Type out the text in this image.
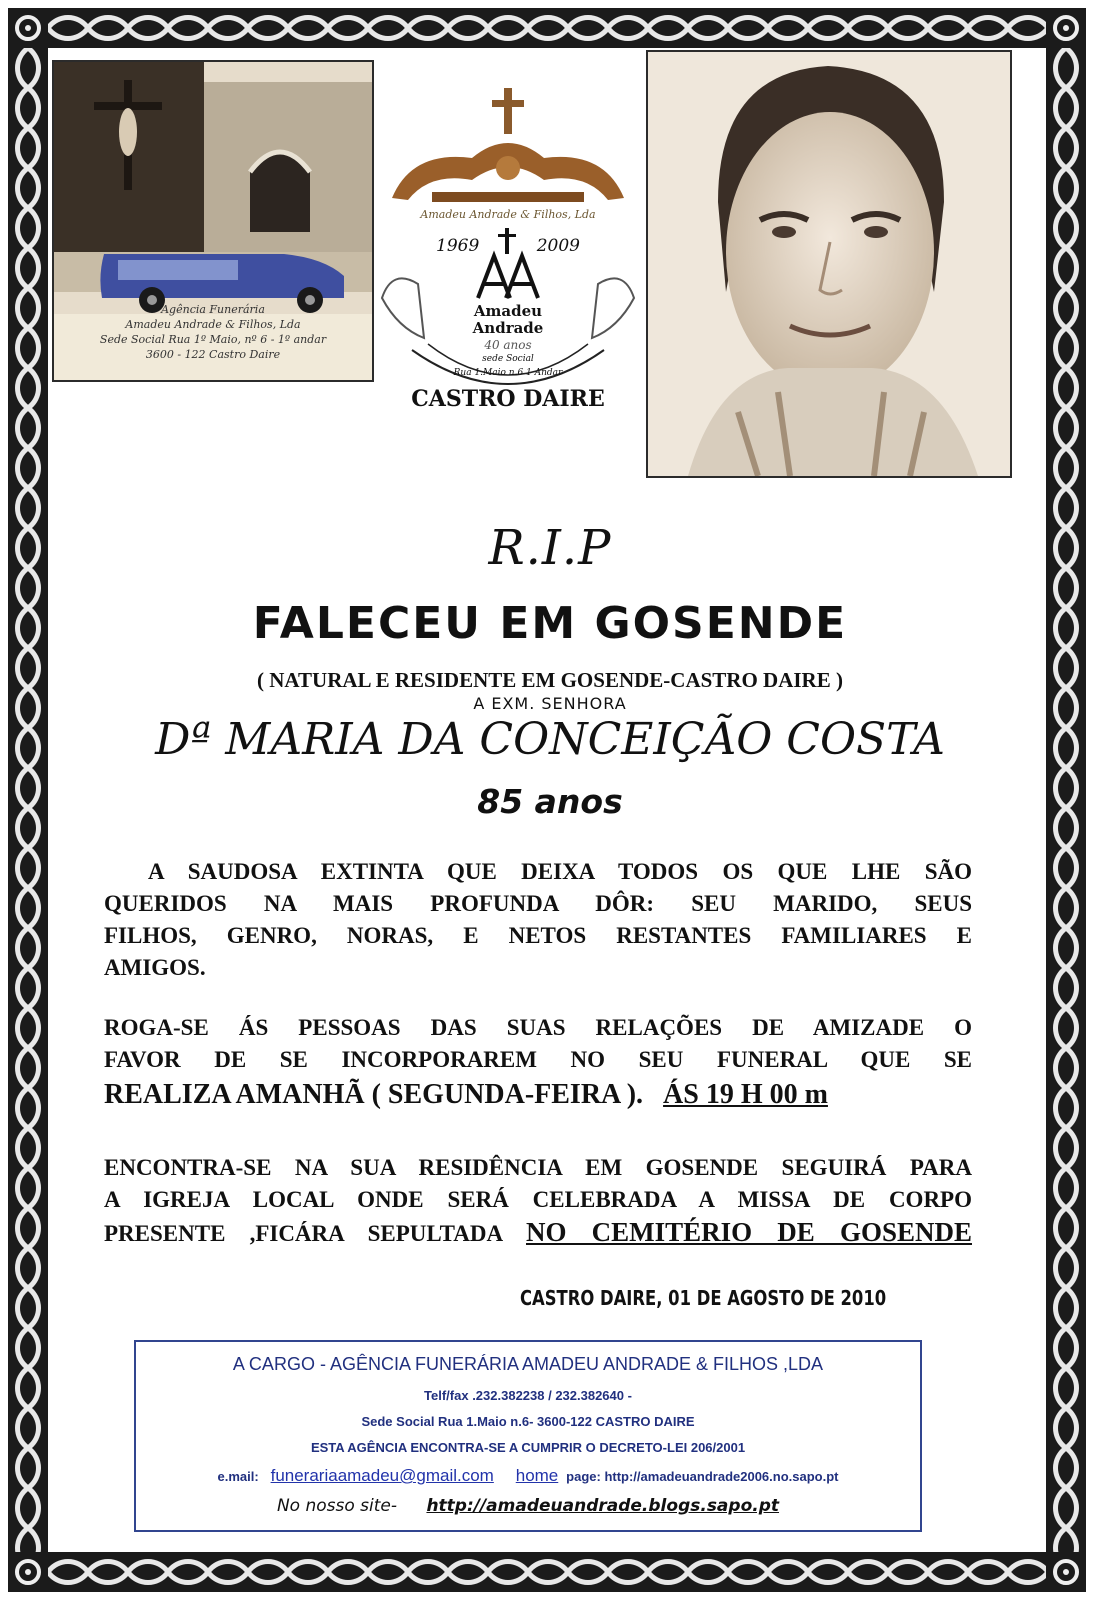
Agência Funerária
Amadeu Andrade & Filhos, Lda
Sede Social Rua 1º Maio, nº 6 - 1º andar
3600 - 122 Castro Daire
CASTRO DAIRE
Amadeu Andrade & Filhos, Lda
1969	2009
Amadeu
Andrade
40 anos
sede Social
Rua 1.Maio n.6 1 Andar
R.I.P
FALECEU EM GOSENDE
( NATURAL E RESIDENTE EM GOSENDE-CASTRO DAIRE )
A EXM. SENHORA
Dª MARIA DA CONCEIÇÃO COSTA
85 anos
A SAUDOSA EXTINTA QUE DEIXA TODOS OS QUE LHE SÃO
QUERIDOS NA MAIS PROFUNDA DÔR: SEU MARIDO, SEUS
FILHOS, GENRO, NORAS, E NETOS RESTANTES FAMILIARES E
AMIGOS.
ROGA-SE ÁS PESSOAS DAS SUAS RELAÇÕES DE AMIZADE O
FAVOR DE SE INCORPORAREM NO SEU FUNERAL QUE SE
REALIZA AMANHÃ ( SEGUNDA-FEIRA ). ÁS 19 H 00 m
ENCONTRA-SE NA SUA RESIDÊNCIA EM GOSENDE SEGUIRÁ PARA
A IGREJA LOCAL ONDE SERÁ CELEBRADA A MISSA DE CORPO
PRESENTE ,FICÁRA SEPULTADA NO CEMITÉRIO DE GOSENDE
CASTRO DAIRE, 01 DE AGOSTO DE 2010
A CARGO - AGÊNCIA FUNERÁRIA AMADEU ANDRADE & FILHOS ,LDA
Telf/fax .232.382238 / 232.382640 -
Sede Social Rua 1.Maio n.6- 3600-122 CASTRO DAIRE
ESTA AGÊNCIA ENCONTRA-SE A CUMPRIR O DECRETO-LEI 206/2001
e.mail: funerariaamadeu@gmail.com home page: http://amadeuandrade2006.no.sapo.pt
No nosso site- http://amadeuandrade.blogs.sapo.pt
